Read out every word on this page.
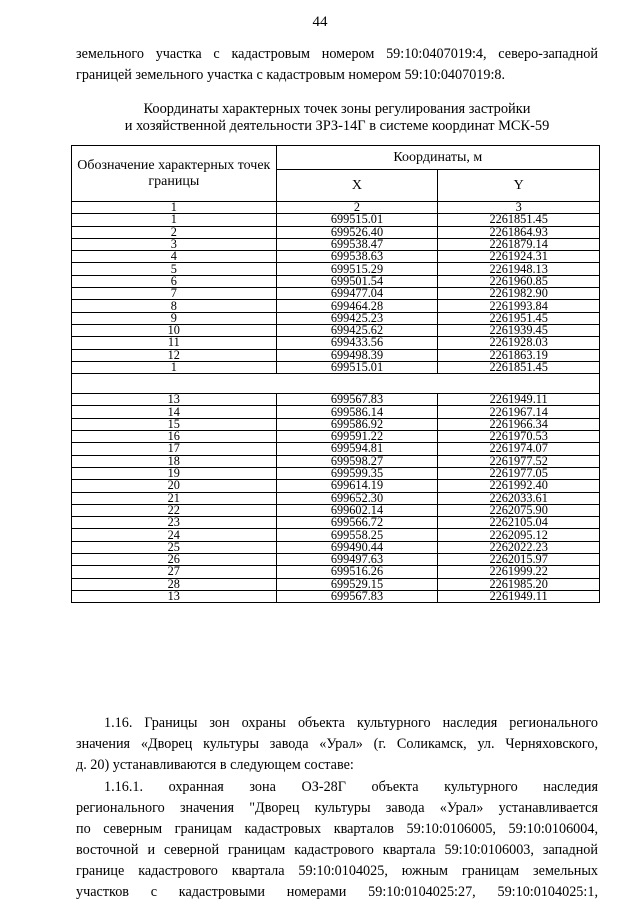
44
земельного участка с кадастровым номером 59:10:0407019:4, северо-западной
границей земельного участка с кадастровым номером 59:10:0407019:8.
Координаты характерных точек зоны регулирования застройки
и хозяйственной деятельности ЗРЗ-14Г в системе координат МСК-59
Обозначение характерных точек границы	Координаты, м	
	X	Y
1	2	3
1	699515.01	2261851.45
2	699526.40	2261864.93
3	699538.47	2261879.14
4	699538.63	2261924.31
5	699515.29	2261948.13
6	699501.54	2261960.85
7	699477.04	2261982.90
8	699464.28	2261993.84
9	699425.23	2261951.45
10	699425.62	2261939.45
11	699433.56	2261928.03
12	699498.39	2261863.19
1	699515.01	2261851.45

13	699567.83	2261949.11
14	699586.14	2261967.14
15	699586.92	2261966.34
16	699591.22	2261970.53
17	699594.81	2261974.07
18	699598.27	2261977.52
19	699599.35	2261977.05
20	699614.19	2261992.40
21	699652.30	2262033.61
22	699602.14	2262075.90
23	699566.72	2262105.04
24	699558.25	2262095.12
25	699490.44	2262022.23
26	699497.63	2262015.97
27	699516.26	2261999.22
28	699529.15	2261985.20
13	699567.83	2261949.11
1.16. Границы зон охраны объекта культурного наследия регионального
значения «Дворец культуры завода «Урал» (г. Соликамск, ул. Черняховского,
д. 20) устанавливаются в следующем составе:
1.16.1. охранная зона ОЗ-28Г объекта культурного наследия
регионального значения "Дворец культуры завода «Урал» устанавливается
по северным границам кадастровых кварталов 59:10:0106005, 59:10:0106004,
восточной и северной границам кадастрового квартала 59:10:0106003, западной
границе кадастрового квартала 59:10:0104025, южным границам земельных
участков с кадастровыми номерами 59:10:0104025:27, 59:10:0104025:1,
